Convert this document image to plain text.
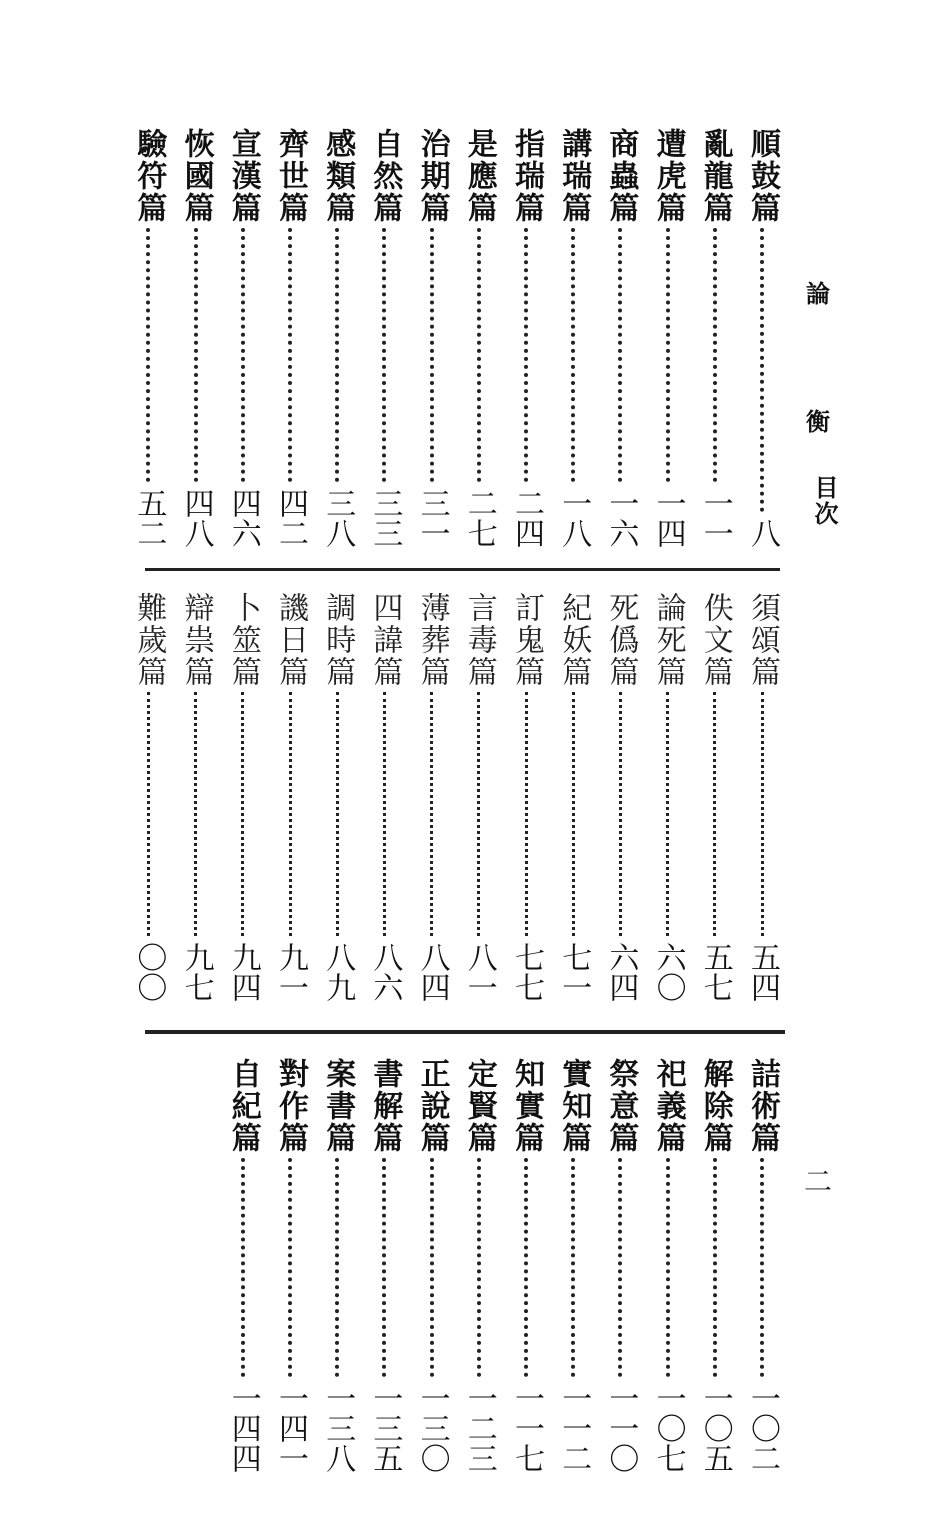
論
衡
目次
二
順鼓篇
八
亂龍篇
一一
遭虎篇
一四
商蟲篇
一六
講瑞篇
一八
指瑞篇
二四
是應篇
二七
治期篇
三一
自然篇
三三
感類篇
三八
齊世篇
四二
宣漢篇
四六
恢國篇
四八
驗符篇
五二
須頌篇
五四
佚文篇
五七
論死篇
六〇
死僞篇
六四
紀妖篇
七一
訂鬼篇
七七
言毒篇
八一
薄葬篇
八四
四諱篇
八六
調時篇
八九
譏日篇
九一
卜筮篇
九四
辯祟篇
九七
難歲篇
〇〇
詰術篇
一〇二
解除篇
一〇五
祀義篇
一〇七
祭意篇
一一〇
實知篇
一一二
知實篇
一一七
定賢篇
一二三
正說篇
一三〇
書解篇
一三五
案書篇
一三八
對作篇
一四一
自紀篇
一四四
